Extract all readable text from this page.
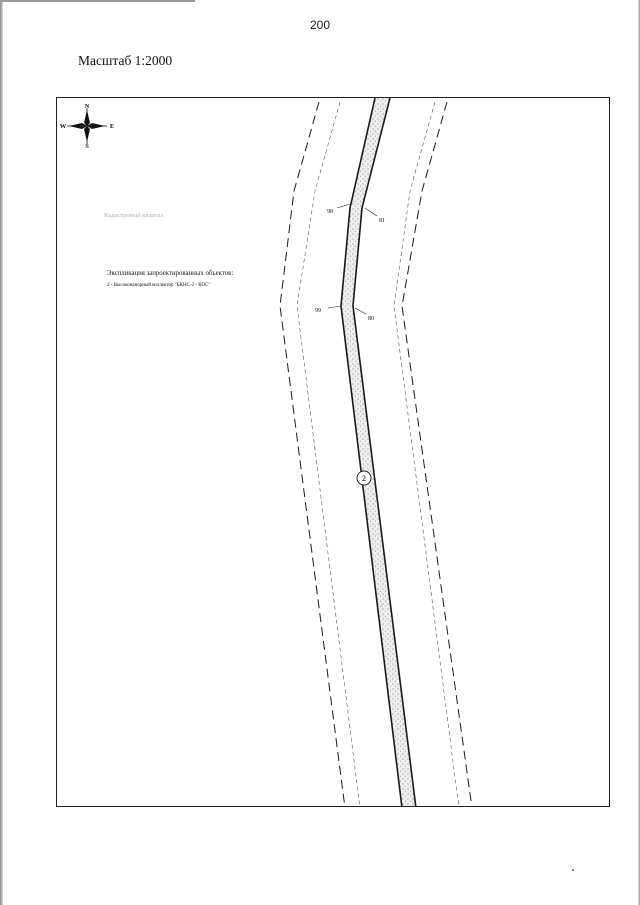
200
Масштаб 1:2000
N
S
W	E
Кадастровый квартал
Экспликация запроектированных объектов:
2 - Высоконапорный коллектор "БКНС-2 - КОС"
98
81
99
80
2
